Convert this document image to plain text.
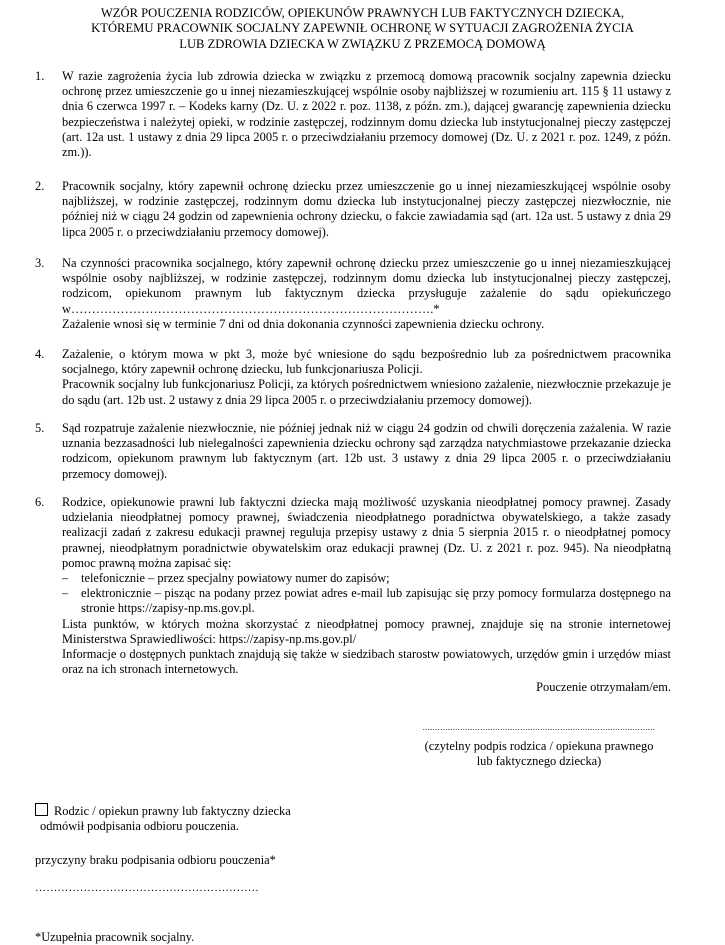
WZÓR POUCZENIA RODZICÓW, OPIEKUNÓW PRAWNYCH LUB FAKTYCZNYCH DZIECKA,
KTÓREMU PRACOWNIK SOCJALNY ZAPEWNIŁ OCHRONĘ W SYTUACJI ZAGROŻENIA ŻYCIA
LUB ZDROWIA DZIECKA W ZWIĄZKU Z PRZEMOCĄ DOMOWĄ
1.	W razie zagrożenia życia lub zdrowia dziecka w związku z przemocą domową pracownik socjalny zapewnia dziecku ochronę przez umieszczenie go u innej niezamieszkującej wspólnie osoby najbliższej w rozumieniu art. 115 § 11 ustawy z dnia 6 czerwca 1997 r. – Kodeks karny (Dz. U. z 2022 r. poz. 1138, z późn. zm.), dającej gwarancję zapewnienia dziecku bezpieczeństwa i należytej opieki, w rodzinie zastępczej, rodzinnym domu dziecka lub instytucjonalnej pieczy zastępczej (art. 12a ust. 1 ustawy z dnia 29 lipca 2005 r. o przeciwdziałaniu przemocy domowej (Dz. U. z 2021 r. poz. 1249, z późn. zm.)).

2.	Pracownik socjalny, który zapewnił ochronę dziecku przez umieszczenie go u innej niezamieszkującej wspólnie osoby najbliższej, w rodzinie zastępczej, rodzinnym domu dziecka lub instytucjonalnej pieczy zastępczej niezwłocznie, nie później niż w ciągu 24 godzin od zapewnienia ochrony dziecku, o fakcie zawiadamia sąd (art. 12a ust. 5 ustawy z dnia 29 lipca 2005 r. o przeciwdziałaniu przemocy domowej).

3.	Na czynności pracownika socjalnego, który zapewnił ochronę dziecku przez umieszczenie go u innej niezamieszkującej wspólnie osoby najbliższej, w rodzinie zastępczej, rodzinnym domu dziecka lub instytucjonalnej pieczy zastępczej, rodzicom, opiekunom prawnym lub faktycznym dziecka przysługuje zażalenie do sądu opiekuńczego w…………………………………………………………………………….*

Zażalenie wnosi się w terminie 7 dni od dnia dokonania czynności zapewnienia dziecku ochrony.

4.	Zażalenie, o którym mowa w pkt 3, może być wniesione do sądu bezpośrednio lub za pośrednictwem pracownika socjalnego, który zapewnił ochronę dziecku, lub funkcjonariusza Policji.

Pracownik socjalny lub funkcjonariusz Policji, za których pośrednictwem wniesiono zażalenie, niezwłocznie przekazuje je do sądu (art. 12b ust. 2 ustawy z dnia 29 lipca 2005 r. o przeciwdziałaniu przemocy domowej).

5.	Sąd rozpatruje zażalenie niezwłocznie, nie później jednak niż w ciągu 24 godzin od chwili doręczenia zażalenia. W razie uznania bezzasadności lub nielegalności zapewnienia dziecku ochrony sąd zarządza natychmiastowe przekazanie dziecka rodzicom, opiekunom prawnym lub faktycznym (art. 12b ust. 3 ustawy z dnia 29 lipca 2005 r. o przeciwdziałaniu przemocy domowej).

6.	Rodzice, opiekunowie prawni lub faktyczni dziecka mają możliwość uzyskania nieodpłatnej pomocy prawnej. Zasady udzielania nieodpłatnej pomocy prawnej, świadczenia nieodpłatnego poradnictwa obywatelskiego, a także zasady realizacji zadań z zakresu edukacji prawnej reguluja przepisy ustawy z dnia 5 sierpnia 2015 r. o nieodpłatnej pomocy prawnej, nieodpłatnym poradnictwie obywatelskim oraz edukacji prawnej (Dz. U. z 2021 r. poz. 945). Na nieodpłatną pomoc prawną można zapisać się:

– telefonicznie – przez specjalny powiatowy numer do zapisów;
– elektronicznie – pisząc na podany przez powiat adres e-mail lub zapisując się przy pomocy formularza dostępnego na stronie https://zapisy-np.ms.gov.pl.

Lista punktów, w których można skorzystać z nieodpłatnej pomocy prawnej, znajduje się na stronie internetowej Ministerstwa Sprawiedliwości: https://zapisy-np.ms.gov.pl/

Informacje o dostępnych punktach znajdują się także w siedzibach starostw powiatowych, urzędów gmin i urzędów miast oraz na ich stronach internetowych.

Pouczenie otrzymałam/em.
.............................................................................................
(czytelny podpis rodzica / opiekuna prawnego
lub faktycznego dziecka)
Rodzic / opiekun prawny lub faktyczny dziecka
odmówił podpisania odbioru pouczenia.
przyczyny braku podpisania odbioru pouczenia*
……………………………………………………
*Uzupełnia pracownik socjalny.
